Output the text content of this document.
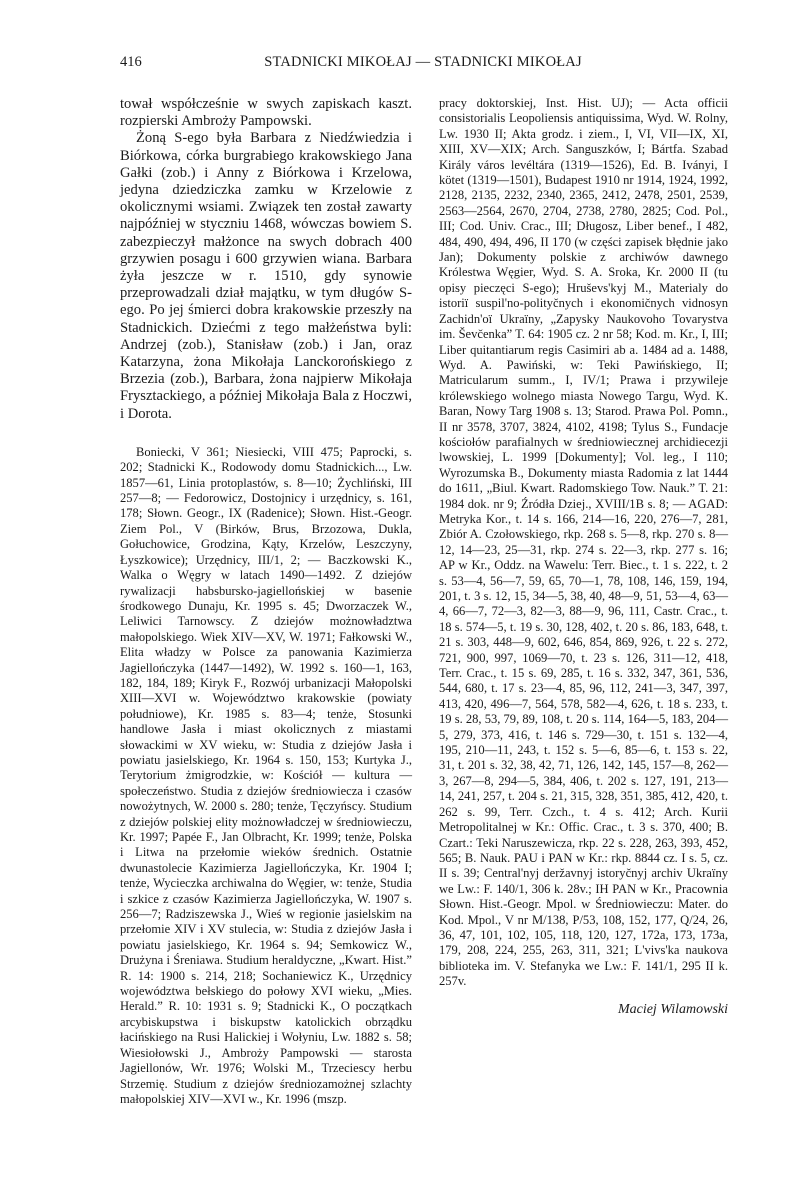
416	STADNICKI MIKOŁAJ — STADNICKI MIKOŁAJ

tował współcześnie w swych zapiskach kaszt. rozpierski Ambroży Pampowski.

Żoną S-ego była Barbara z Niedźwiedzia i Biórkowa, córka burgrabiego krakowskiego Jana Gałki (zob.) i Anny z Biórkowa i Krzelowa, jedyna dziedziczka zamku w Krzelowie z okolicznymi wsiami. Związek ten został zawarty najpóźniej w styczniu 1468, wówczas bowiem S. zabezpieczył małżonce na swych dobrach 400 grzywien posagu i 600 grzywien wiana. Barbara żyła jeszcze w r. 1510, gdy synowie przeprowadzali dział majątku, w tym długów S-ego. Po jej śmierci dobra krakowskie przeszły na Stadnickich. Dziećmi z tego małżeństwa byli: Andrzej (zob.), Stanisław (zob.) i Jan, oraz Katarzyna, żona Mikołaja Lanckorońskiego z Brzezia (zob.), Barbara, żona najpierw Mikołaja Frysztackiego, a później Mikołaja Bala z Hoczwi, i Dorota.

Boniecki, V 361; Niesiecki, VIII 475; Paprocki, s. 202; Stadnicki K., Rodowody domu Stadnickich..., Lw. 1857—61, Linia protoplastów, s. 8—10; Żychliński, III 257—8; — Fedorowicz, Dostojnicy i urzędnicy, s. 161, 178; Słown. Geogr., IX (Radenice); Słown. Hist.-Geogr. Ziem Pol., V (Birków, Brus, Brzozowa, Dukla, Gołuchowice, Grodzina, Kąty, Krzelów, Leszczyny, Łyszkowice); Urzędnicy, III/1, 2; — Baczkowski K., Walka o Węgry w latach 1490—1492. Z dziejów rywalizacji habsbursko-jagiellońskiej w basenie środkowego Dunaju, Kr. 1995 s. 45; Dworzaczek W., Leliwici Tarnowscy. Z dziejów możnowładztwa małopolskiego. Wiek XIV—XV, W. 1971; Fałkowski W., Elita władzy w Polsce za panowania Kazimierza Jagiellończyka (1447—1492), W. 1992 s. 160—1, 163, 182, 184, 189; Kiryk F., Rozwój urbanizacji Małopolski XIII—XVI w. Województwo krakowskie (powiaty południowe), Kr. 1985 s. 83—4; tenże, Stosunki handlowe Jasła i miast okolicznych z miastami słowackimi w XV wieku, w: Studia z dziejów Jasła i powiatu jasielskiego, Kr. 1964 s. 150, 153; Kurtyka J., Terytorium żmigrodzkie, w: Kościół — kultura — społeczeństwo. Studia z dziejów średniowiecza i czasów nowożytnych, W. 2000 s. 280; tenże, Tęczyńscy. Studium z dziejów polskiej elity możnowładczej w średniowieczu, Kr. 1997; Papée F., Jan Olbracht, Kr. 1999; tenże, Polska i Litwa na przełomie wieków średnich. Ostatnie dwunastolecie Kazimierza Jagiellończyka, Kr. 1904 I; tenże, Wycieczka archiwalna do Węgier, w: tenże, Studia i szkice z czasów Kazimierza Jagiellończyka, W. 1907 s. 256—7; Radziszewska J., Wieś w regionie jasielskim na przełomie XIV i XV stulecia, w: Studia z dziejów Jasła i powiatu jasielskiego, Kr. 1964 s. 94; Semkowicz W., Drużyna i Śreniawa. Studium heraldyczne, „Kwart. Hist.” R. 14: 1900 s. 214, 218; Sochaniewicz K., Urzędnicy województwa bełskiego do połowy XVI wieku, „Mies. Herald.” R. 10: 1931 s. 9; Stadnicki K., O początkach arcybiskupstwa i biskupstw katolickich obrządku łacińskiego na Rusi Halickiej i Wołyniu, Lw. 1882 s. 58; Wiesiołowski J., Ambroży Pampowski — starosta Jagiellonów, Wr. 1976; Wolski M., Trzeciescy herbu Strzemię. Studium z dziejów średniozamożnej szlachty małopolskiej XIV—XVI w., Kr. 1996 (mszp.

pracy doktorskiej, Inst. Hist. UJ); — Acta officii consistorialis Leopoliensis antiquissima, Wyd. W. Rolny, Lw. 1930 II; Akta grodz. i ziem., I, VI, VII—IX, XI, XIII, XV—XIX; Arch. Sanguszków, I; Bártfa. Szabad Király város levéltára (1319—1526), Ed. B. Iványi, I kötet (1319—1501), Budapest 1910 nr 1914, 1924, 1992, 2128, 2135, 2232, 2340, 2365, 2412, 2478, 2501, 2539, 2563—2564, 2670, 2704, 2738, 2780, 2825; Cod. Pol., III; Cod. Univ. Crac., III; Długosz, Liber benef., I 482, 484, 490, 494, 496, II 170 (w części zapisek błędnie jako Jan); Dokumenty polskie z archiwów dawnego Królestwa Węgier, Wyd. S. A. Sroka, Kr. 2000 II (tu opisy pieczęci S-ego); Hruševs'kyj M., Materialy do istoriï suspil'no-polityčnych i ekonomičnych vidnosyn Zachidn'oï Ukraïny, „Zapysky Naukovoho Tovarystva im. Ševčenka” T. 64: 1905 cz. 2 nr 58; Kod. m. Kr., I, III; Liber quitantiarum regis Casimiri ab a. 1484 ad a. 1488, Wyd. A. Pawiński, w: Teki Pawińskiego, II; Matricularum summ., I, IV/1; Prawa i przywileje królewskiego wolnego miasta Nowego Targu, Wyd. K. Baran, Nowy Targ 1908 s. 13; Starod. Prawa Pol. Pomn., II nr 3578, 3707, 3824, 4102, 4198; Tylus S., Fundacje kościołów parafialnych w średniowiecznej archidiecezji lwowskiej, L. 1999 [Dokumenty]; Vol. leg., I 110; Wyrozumska B., Dokumenty miasta Radomia z lat 1444 do 1611, „Biul. Kwart. Radomskiego Tow. Nauk.” T. 21: 1984 dok. nr 9; Źródła Dziej., XVIII/1B s. 8; — AGAD: Metryka Kor., t. 14 s. 166, 214—16, 220, 276—7, 281, Zbiór A. Czołowskiego, rkp. 268 s. 5—8, rkp. 270 s. 8—12, 14—23, 25—31, rkp. 274 s. 22—3, rkp. 277 s. 16; AP w Kr., Oddz. na Wawelu: Terr. Biec., t. 1 s. 222, t. 2 s. 53—4, 56—7, 59, 65, 70—1, 78, 108, 146, 159, 194, 201, t. 3 s. 12, 15, 34—5, 38, 40, 48—9, 51, 53—4, 63—4, 66—7, 72—3, 82—3, 88—9, 96, 111, Castr. Crac., t. 18 s. 574—5, t. 19 s. 30, 128, 402, t. 20 s. 86, 183, 648, t. 21 s. 303, 448—9, 602, 646, 854, 869, 926, t. 22 s. 272, 721, 900, 997, 1069—70, t. 23 s. 126, 311—12, 418, Terr. Crac., t. 15 s. 69, 285, t. 16 s. 332, 347, 361, 536, 544, 680, t. 17 s. 23—4, 85, 96, 112, 241—3, 347, 397, 413, 420, 496—7, 564, 578, 582—4, 626, t. 18 s. 233, t. 19 s. 28, 53, 79, 89, 108, t. 20 s. 114, 164—5, 183, 204—5, 279, 373, 416, t. 146 s. 729—30, t. 151 s. 132—4, 195, 210—11, 243, t. 152 s. 5—6, 85—6, t. 153 s. 22, 31, t. 201 s. 32, 38, 42, 71, 126, 142, 145, 157—8, 262—3, 267—8, 294—5, 384, 406, t. 202 s. 127, 191, 213—14, 241, 257, t. 204 s. 21, 315, 328, 351, 385, 412, 420, t. 262 s. 99, Terr. Czch., t. 4 s. 412; Arch. Kurii Metropolitalnej w Kr.: Offic. Crac., t. 3 s. 370, 400; B. Czart.: Teki Naruszewicza, rkp. 22 s. 228, 263, 393, 452, 565; B. Nauk. PAU i PAN w Kr.: rkp. 8844 cz. I s. 5, cz. II s. 39; Central'nyj deržavnyj istoryčnyj archiv Ukraïny we Lw.: F. 140/1, 306 k. 28v.; IH PAN w Kr., Pracownia Słown. Hist.-Geogr. Mpol. w Średniowieczu: Mater. do Kod. Mpol., V nr M/138, P/53, 108, 152, 177, Q/24, 26, 36, 47, 101, 102, 105, 118, 120, 127, 172a, 173, 173a, 179, 208, 224, 255, 263, 311, 321; L'vivs'ka naukova biblioteka im. V. Stefanyka we Lw.: F. 141/1, 295 II k. 257v.

Maciej Wilamowski
